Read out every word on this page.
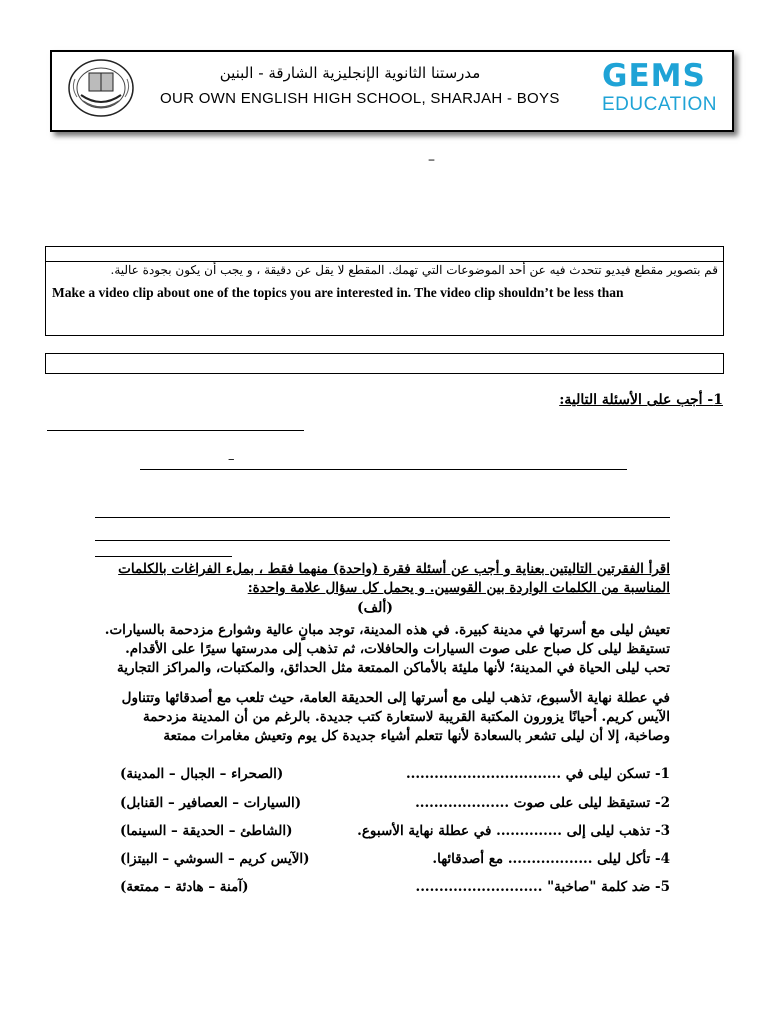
مدرستنا الثانوية الإنجليزية الشارقة - البنين
OUR OWN ENGLISH HIGH SCHOOL, SHARJAH - BOYS
GEMS
EDUCATION
–
قم بتصوير مقطع فيديو تتحدث فيه عن أحد الموضوعات التي تهمك. المقطع لا يقل عن دقيقة ، و يجب أن يكون بجودة عالية.
Make a video clip about one of the topics you are interested in. The video clip shouldn’t be less than
1- أجب على الأسئلة التالية:
–
اقرأ الفقرتين التاليتين بعناية و أجب عن أسئلة فقرة (واحدة) منهما فقط ، بملء الفراغات بالكلمات المناسبة من الكلمات الواردة بين القوسين. و يحمل كل سؤال علامة واحدة:
(ألف)
تعيش ليلى مع أسرتها في مدينة كبيرة. في هذه المدينة، توجد مبانٍ عالية وشوارع مزدحمة بالسيارات. تستيقظ ليلى كل صباح على صوت السيارات والحافلات، ثم تذهب إلى مدرستها سيرًا على الأقدام. تحب ليلى الحياة في المدينة؛ لأنها مليئة بالأماكن الممتعة مثل الحدائق، والمكتبات، والمراكز التجارية
في عطلة نهاية الأسبوع، تذهب ليلى مع أسرتها إلى الحديقة العامة، حيث تلعب مع أصدقائها وتتناول الآيس كريم. أحيانًا يزورون المكتبة القريبة لاستعارة كتب جديدة. بالرغم من أن المدينة مزدحمة وصاخبة، إلا أن ليلى تشعر بالسعادة لأنها تتعلم أشياء جديدة كل يوم وتعيش مغامرات ممتعة
1- تسكن ليلى في .................................
(الصحراء – الجبال – المدينة)
2- تستيقظ ليلى على صوت ....................
(السيارات – العصافير – القنابل)
3- تذهب ليلى إلى .............. في عطلة نهاية الأسبوع.
(الشاطئ – الحديقة – السينما)
4- تأكل ليلى .................. مع أصدقائها.
(الآيس كريم – السوشي – البيتزا)
5- ضد كلمة "صاخبة" ...........................
(آمنة – هادئة – ممتعة)
